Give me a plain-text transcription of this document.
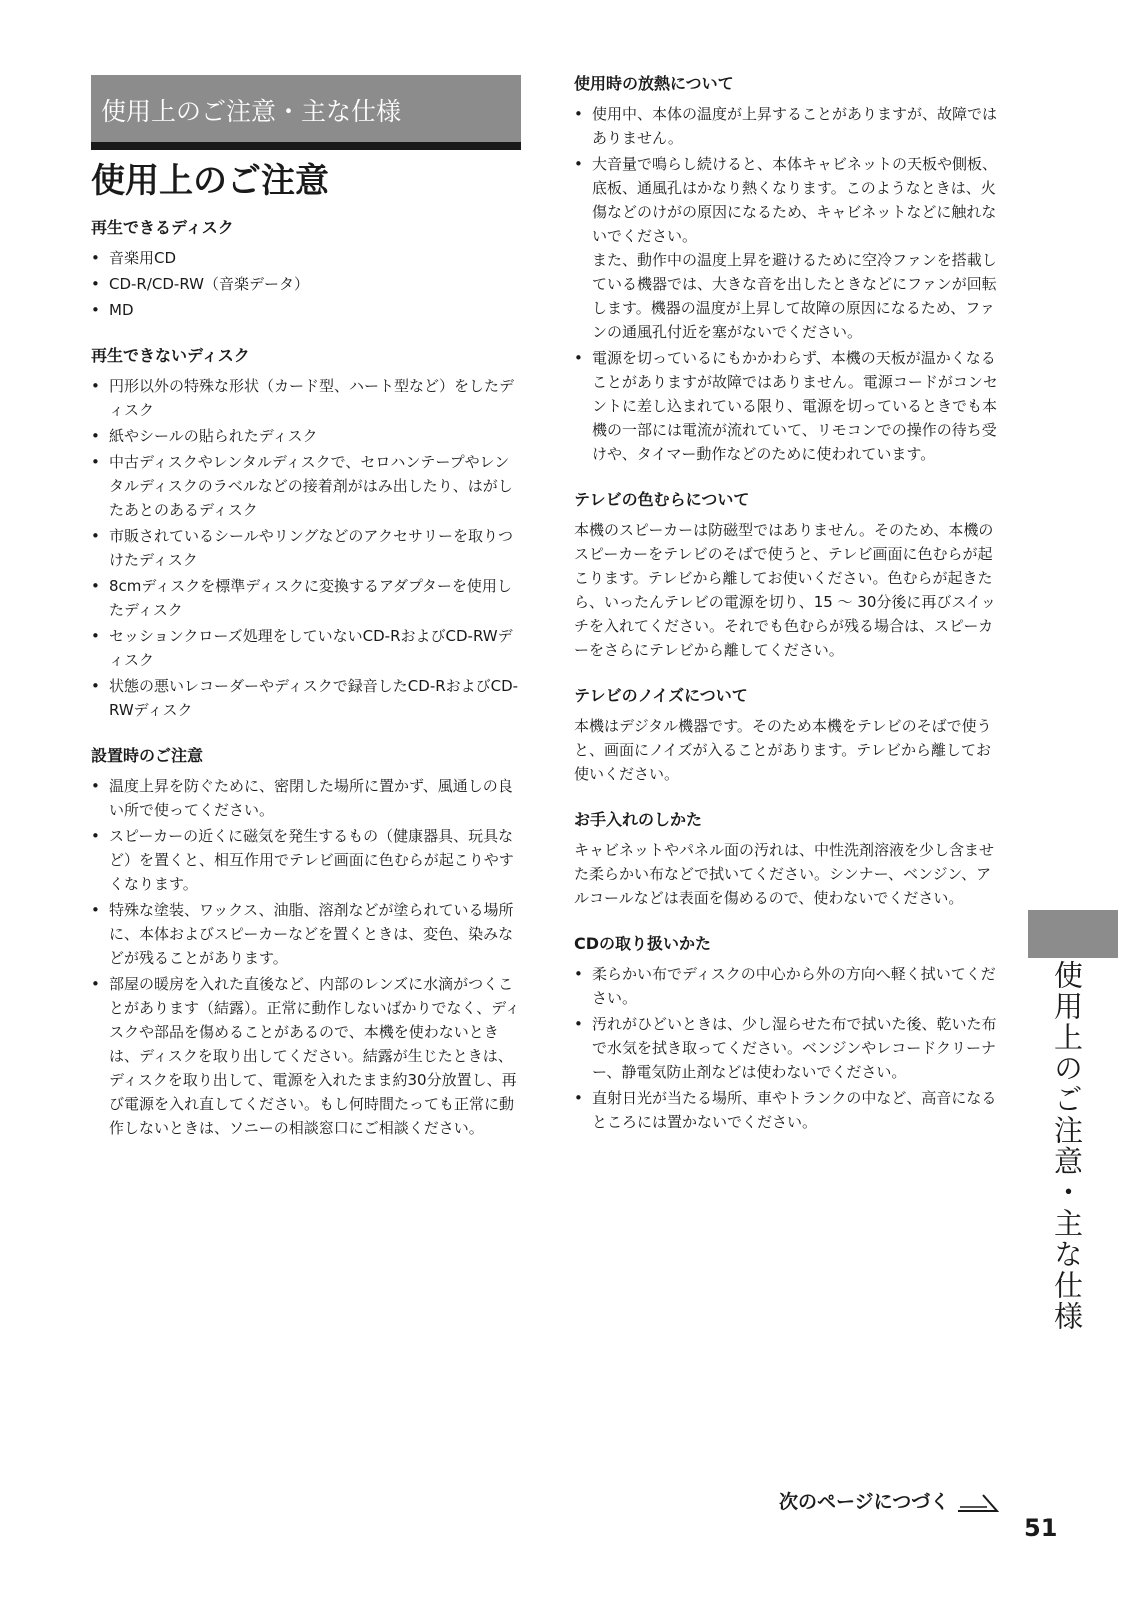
使用上のご注意・主な仕様
使用上のご注意
再生できるディスク
• 音楽用CD
• CD-R/CD-RW（音楽データ）
• MD
再生できないディスク
• 円形以外の特殊な形状（カード型、ハート型など）をしたディスク
• 紙やシールの貼られたディスク
• 中古ディスクやレンタルディスクで、セロハンテープやレンタルディスクのラベルなどの接着剤がはみ出したり、はがしたあとのあるディスク
• 市販されているシールやリングなどのアクセサリーを取りつけたディスク
• 8cmディスクを標準ディスクに変換するアダプターを使用したディスク
• セッションクローズ処理をしていないCD-RおよびCD-RWディスク
• 状態の悪いレコーダーやディスクで録音したCD-RおよびCD-RWディスク
設置時のご注意
• 温度上昇を防ぐために、密閉した場所に置かず、風通しの良い所で使ってください。
• スピーカーの近くに磁気を発生するもの（健康器具、玩具など）を置くと、相互作用でテレビ画面に色むらが起こりやすくなります。
• 特殊な塗装、ワックス、油脂、溶剤などが塗られている場所に、本体およびスピーカーなどを置くときは、変色、染みなどが残ることがあります。
• 部屋の暖房を入れた直後など、内部のレンズに水滴がつくことがあります（結露）。正常に動作しないばかりでなく、ディスクや部品を傷めることがあるので、本機を使わないときは、ディスクを取り出してください。結露が生じたときは、ディスクを取り出して、電源を入れたまま約30分放置し、再び電源を入れ直してください。もし何時間たっても正常に動作しないときは、ソニーの相談窓口にご相談ください。
使用時の放熱について
• 使用中、本体の温度が上昇することがありますが、故障ではありません。
• 大音量で鳴らし続けると、本体キャビネットの天板や側板、底板、通風孔はかなり熱くなります。このようなときは、火傷などのけがの原因になるため、キャビネットなどに触れないでください。
また、動作中の温度上昇を避けるために空冷ファンを搭載している機器では、大きな音を出したときなどにファンが回転します。機器の温度が上昇して故障の原因になるため、ファンの通風孔付近を塞がないでください。
• 電源を切っているにもかかわらず、本機の天板が温かくなることがありますが故障ではありません。電源コードがコンセントに差し込まれている限り、電源を切っているときでも本機の一部には電流が流れていて、リモコンでの操作の待ち受けや、タイマー動作などのために使われています。
テレビの色むらについて

本機のスピーカーは防磁型ではありません。そのため、本機のスピーカーをテレビのそばで使うと、テレビ画面に色むらが起こります。テレビから離してお使いください。色むらが起きたら、いったんテレビの電源を切り、15 ～ 30分後に再びスイッチを入れてください。それでも色むらが残る場合は、スピーカーをさらにテレビから離してください。

テレビのノイズについて

本機はデジタル機器です。そのため本機をテレビのそばで使うと、画面にノイズが入ることがあります。テレビから離してお使いください。

お手入れのしかた

キャビネットやパネル面の汚れは、中性洗剤溶液を少し含ませた柔らかい布などで拭いてください。シンナー、ベンジン、アルコールなどは表面を傷めるので、使わないでください。

CDの取り扱いかた
• 柔らかい布でディスクの中心から外の方向へ軽く拭いてください。
• 汚れがひどいときは、少し湿らせた布で拭いた後、乾いた布で水気を拭き取ってください。ベンジンやレコードクリーナー、静電気防止剤などは使わないでください。
• 直射日光が当たる場所、車やトランクの中など、高音になるところには置かないでください。	使用上のご注意・主な仕様
次のページにつづく
51
